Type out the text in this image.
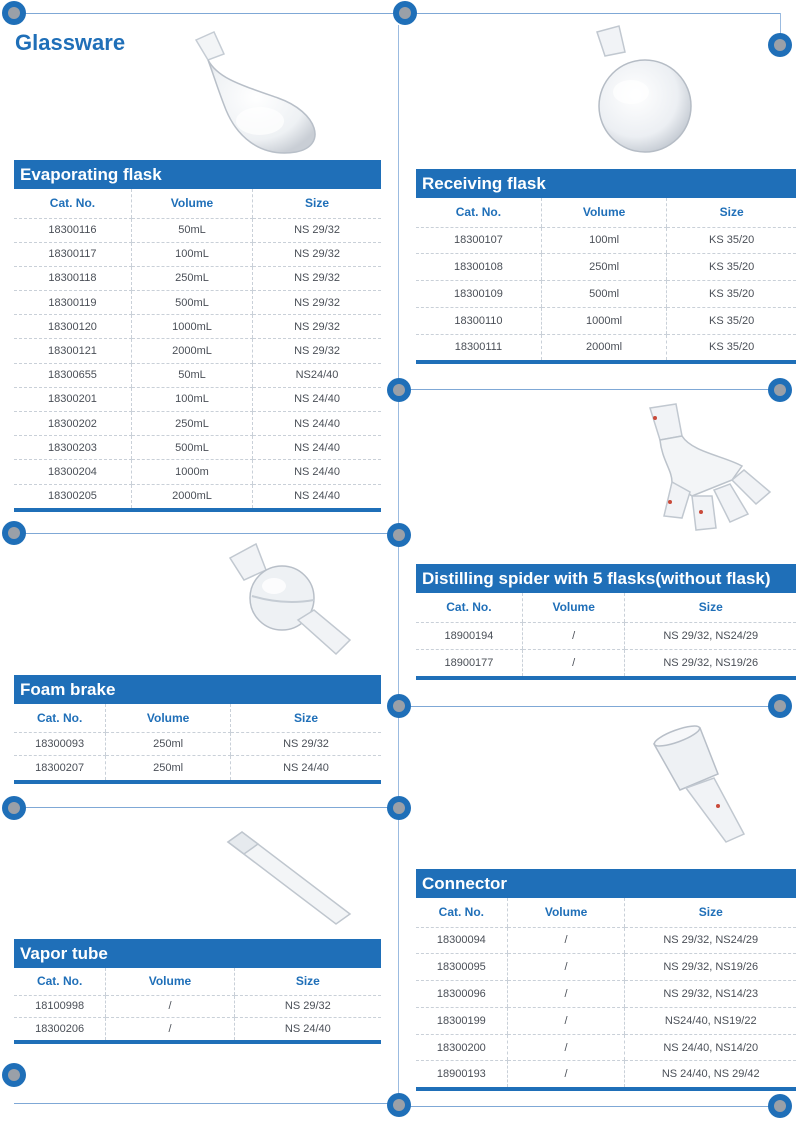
Glassware
Evaporating flask
Cat. No.	Volume	Size
18300116	50mL	NS 29/32
18300117	100mL	NS 29/32
18300118	250mL	NS 29/32
18300119	500mL	NS 29/32
18300120	1000mL	NS 29/32
18300121	2000mL	NS 29/32
18300655	50mL	NS24/40
18300201	100mL	NS 24/40
18300202	250mL	NS 24/40
18300203	500mL	NS 24/40
18300204	1000m	NS 24/40
18300205	2000mL	NS 24/40
Receiving flask
Cat. No.	Volume	Size
18300107	100ml	KS 35/20
18300108	250ml	KS 35/20
18300109	500ml	KS 35/20
18300110	1000ml	KS 35/20
18300111	2000ml	KS 35/20
Distilling spider with 5 flasks(without flask)
Cat. No.	Volume	Size
18900194	/	NS 29/32, NS24/29
18900177	/	NS 29/32, NS19/26
Foam brake
Cat. No.	Volume	Size
18300093	250ml	NS 29/32
18300207	250ml	NS 24/40
Connector
Cat. No.	Volume	Size
18300094	/	NS 29/32, NS24/29
18300095	/	NS 29/32, NS19/26
18300096	/	NS 29/32, NS14/23
18300199	/	NS24/40, NS19/22
18300200	/	NS 24/40, NS14/20
18900193	/	NS 24/40, NS 29/42
Vapor tube
Cat. No.	Volume	Size
18100998	/	NS 29/32
18300206	/	NS 24/40
